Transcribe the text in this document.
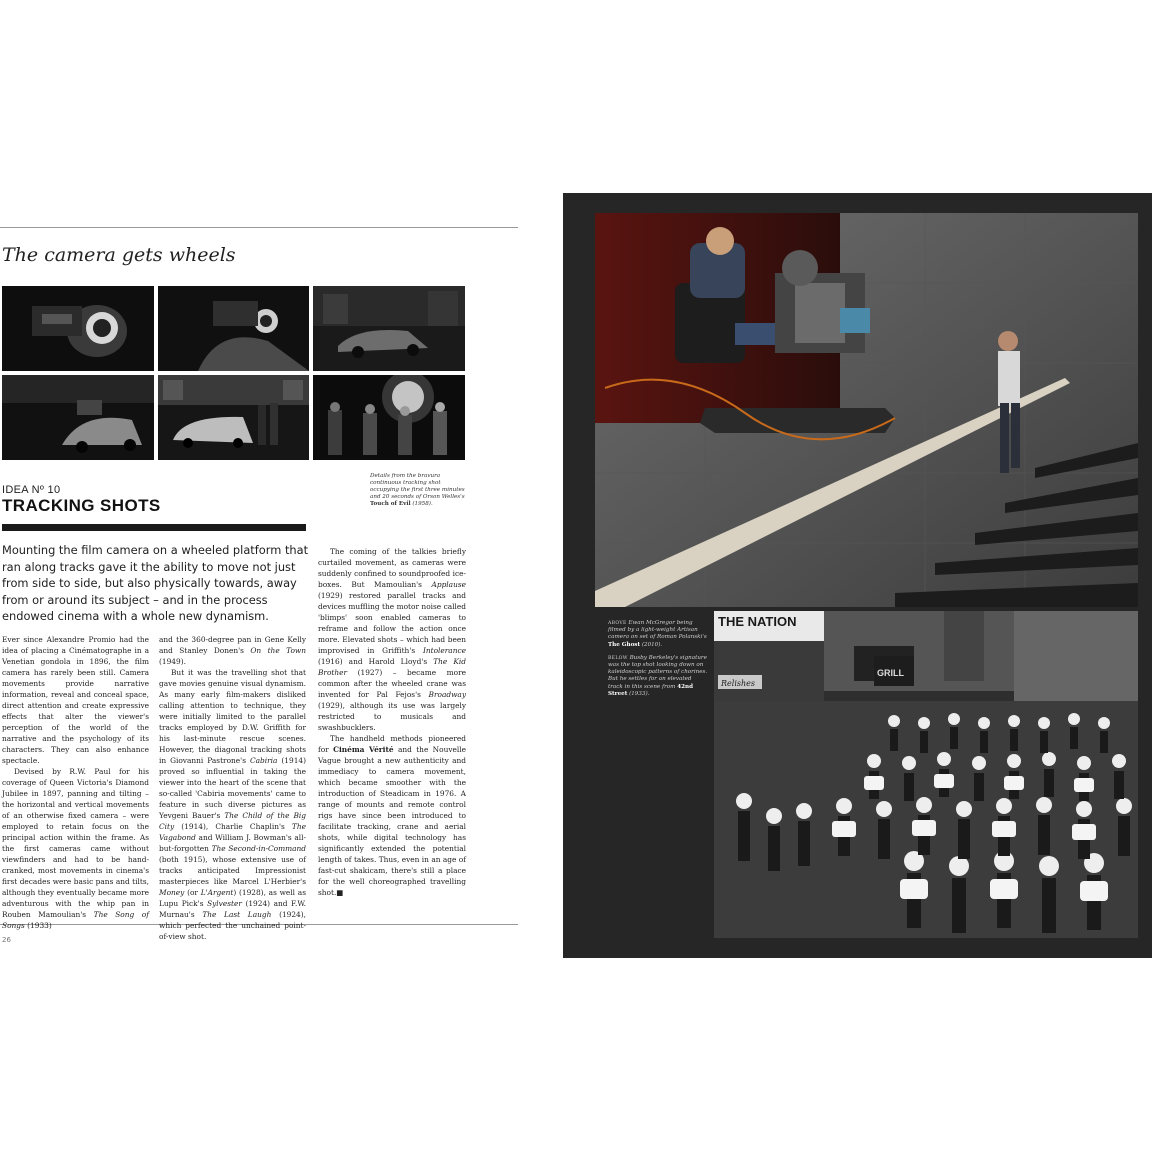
The camera gets wheels
Details from the bravura continuous tracking shot occupying the first three minutes and 20 seconds of Orson Welles's Touch of Evil (1958).
IDEA Nº 10
TRACKING SHOTS
Mounting the film camera on a wheeled platform that ran along tracks gave it the ability to move not just from side to side, but also physically towards, away from or around its subject – and in the process endowed cinema with a whole new dynamism.

Ever since Alexandre Promio had the idea of placing a Cinématographe in a Venetian gondola in 1896, the film camera has rarely been still. Camera movements provide narrative information, reveal and conceal space, direct attention and create expressive effects that alter the viewer's perception of the world of the narrative and the psychology of its characters. They can also enhance spectacle.

Devised by R.W. Paul for his coverage of Queen Victoria's Diamond Jubilee in 1897, panning and tilting – the horizontal and vertical movements of an otherwise fixed camera – were employed to retain focus on the principal action within the frame. As the first cameras came without viewfinders and had to be hand-cranked, most movements in cinema's first decades were basic pans and tilts, although they eventually became more adventurous with the whip pan in Rouben Mamoulian's The Song of Songs (1933)

and the 360-degree pan in Gene Kelly and Stanley Donen's On the Town (1949).

But it was the travelling shot that gave movies genuine visual dynamism. As many early film-makers disliked calling attention to technique, they were initially limited to the parallel tracks employed by D.W. Griffith for his last-minute rescue scenes. However, the diagonal tracking shots in Giovanni Pastrone's Cabiria (1914) proved so influential in taking the viewer into the heart of the scene that so-called 'Cabiria movements' came to feature in such diverse pictures as Yevgeni Bauer's The Child of the Big City (1914), Charlie Chaplin's The Vagabond and William J. Bowman's all-but-forgotten The Second-in-Command (both 1915), whose extensive use of tracks anticipated Impressionist masterpieces like Marcel L'Herbier's Money (or L'Argent) (1928), as well as Lupu Pick's Sylvester (1924) and F.W. Murnau's The Last Laugh (1924), which perfected the unchained point-of-view shot.

The coming of the talkies briefly curtailed movement, as cameras were suddenly confined to soundproofed ice-boxes. But Mamoulian's Applause (1929) restored parallel tracks and devices muffling the motor noise called 'blimps' soon enabled cameras to reframe and follow the action once more. Elevated shots – which had been improvised in Griffith's Intolerance (1916) and Harold Lloyd's The Kid Brother (1927) – became more common after the wheeled crane was invented for Pal Fejos's Broadway (1929), although its use was largely restricted to musicals and swashbucklers.

The handheld methods pioneered for Cinéma Vérité and the Nouvelle Vague brought a new authenticity and immediacy to camera movement, which became smoother with the introduction of Steadicam in 1976. A range of mounts and remote control rigs have since been introduced to facilitate tracking, crane and aerial shots, while digital technology has significantly extended the potential length of takes. Thus, even in an age of fast-cut shakicam, there's still a place for the well choreographed travelling shot.■

26
THE NATION
GRILL
Relishes

ABOVE Ewan McGregor being filmed by a light-weight Artisan camera on set of Roman Polanski's The Ghost (2010).

BELOW Busby Berkeley's signature was the top shot looking down on kaleidoscopic patterns of chorines. But he settles for an elevated track in this scene from 42nd Street (1933).
